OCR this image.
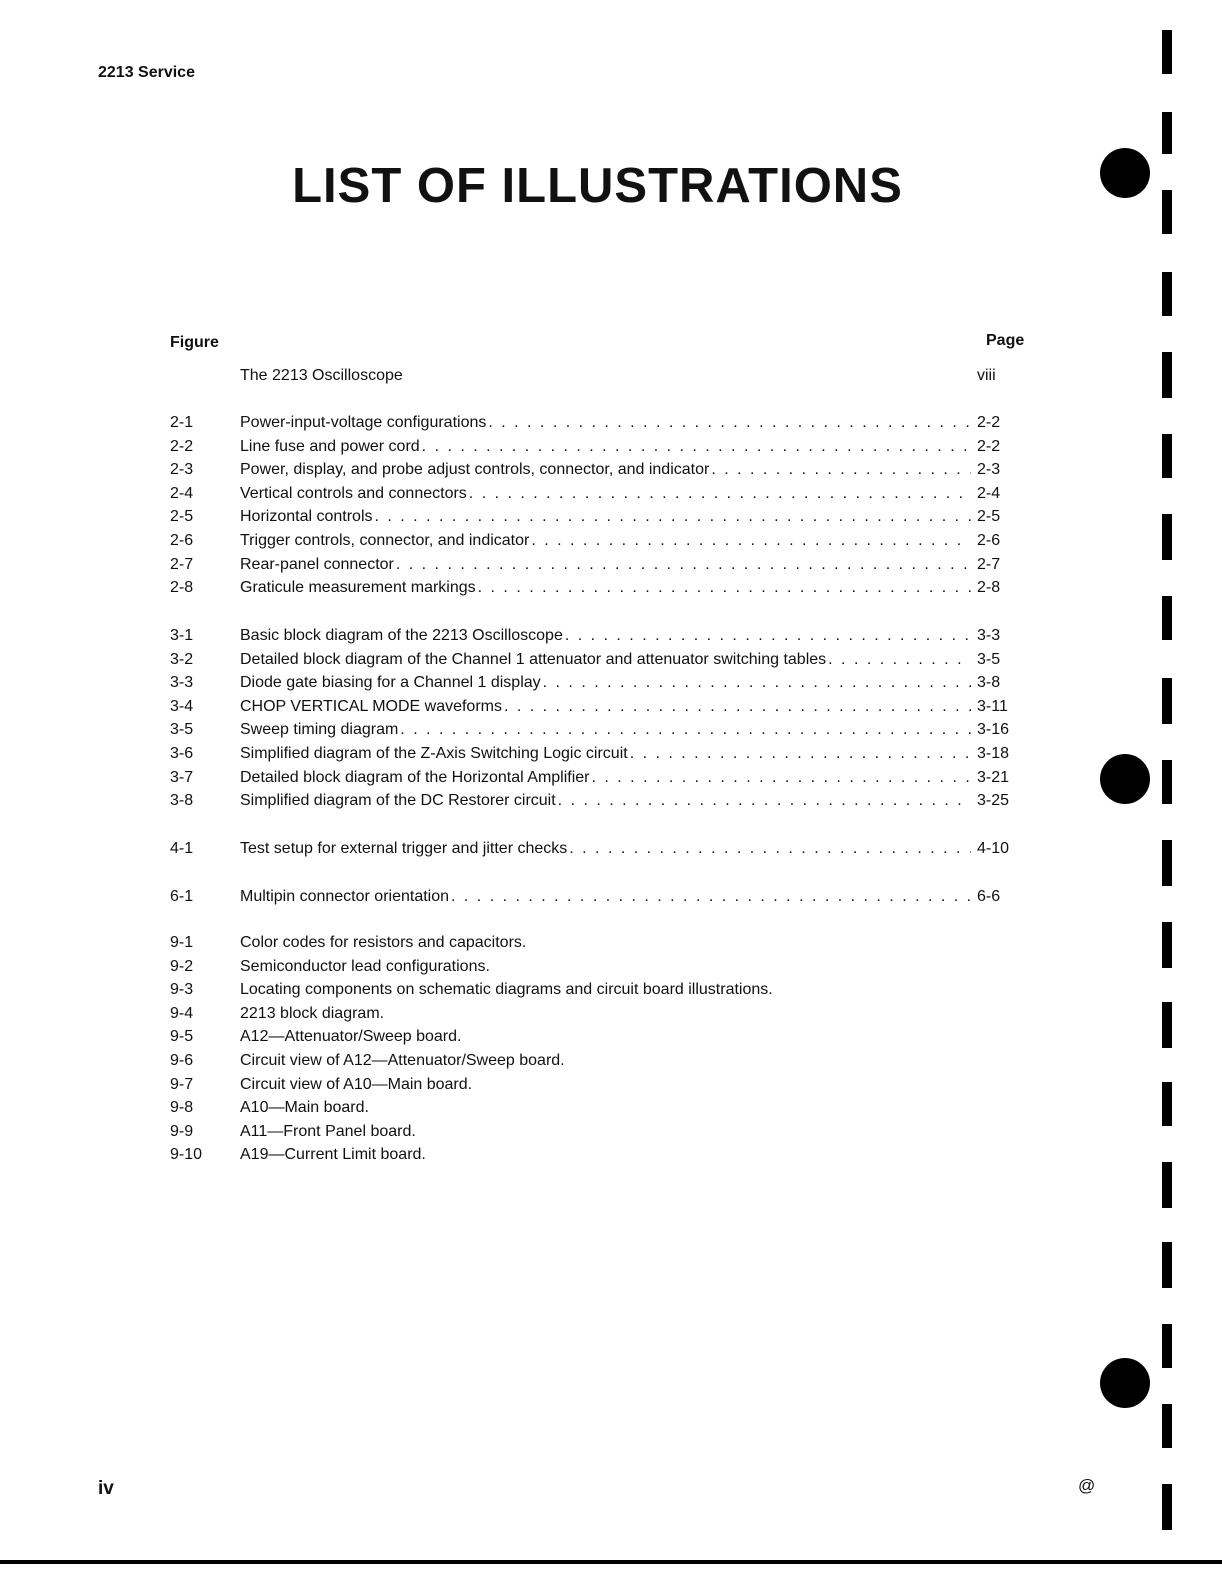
2213 Service
LIST OF ILLUSTRATIONS
Figure	Page
The 2213 Oscilloscope	viii
2-1	Power-input-voltage configurations . . .	2-2
2-2	Line fuse and power cord . . .	2-2
2-3	Power, display, and probe adjust controls, connector, and indicator . . .	2-3
2-4	Vertical controls and connectors . . .	2-4
2-5	Horizontal controls . . .	2-5
2-6	Trigger controls, connector, and indicator . . .	2-6
2-7	Rear-panel connector . . .	2-7
2-8	Graticule measurement markings . . .	2-8
3-1	Basic block diagram of the 2213 Oscilloscope . . .	3-3
3-2	Detailed block diagram of the Channel 1 attenuator and attenuator switching tables . . .	3-5
3-3	Diode gate biasing for a Channel 1 display . . .	3-8
3-4	CHOP VERTICAL MODE waveforms . . .	3-11
3-5	Sweep timing diagram . . .	3-16
3-6	Simplified diagram of the Z-Axis Switching Logic circuit . . .	3-18
3-7	Detailed block diagram of the Horizontal Amplifier . . .	3-21
3-8	Simplified diagram of the DC Restorer circuit . . .	3-25
4-1	Test setup for external trigger and jitter checks . . .	4-10
6-1	Multipin connector orientation . . .	6-6
9-1	Color codes for resistors and capacitors.
9-2	Semiconductor lead configurations.
9-3	Locating components on schematic diagrams and circuit board illustrations.
9-4	2213 block diagram.
9-5	A12—Attenuator/Sweep board.
9-6	Circuit view of A12—Attenuator/Sweep board.
9-7	Circuit view of A10—Main board.
9-8	A10—Main board.
9-9	A11—Front Panel board.
9-10 A19—Current Limit board.
iv	@
